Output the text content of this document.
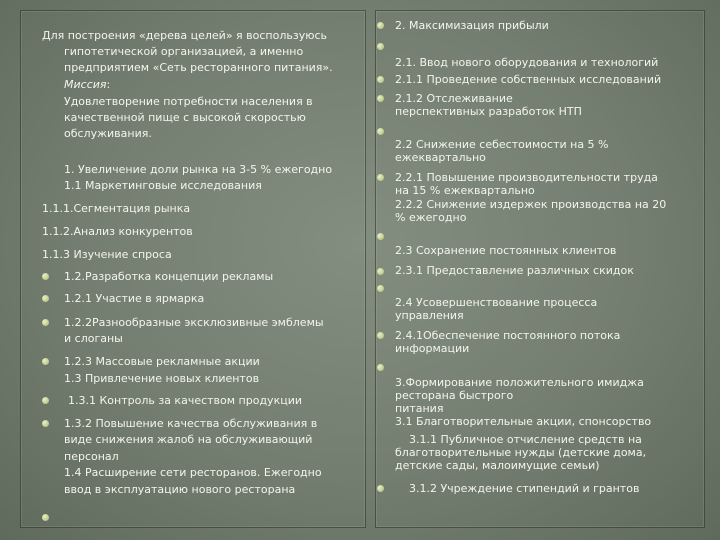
Для построения «дерева целей» я воспользуюсь
гипотетической организацией, а именно
предприятием «Сеть ресторанного питания».
Миссия:
Удовлетворение потребности населения в
качественной пище с высокой скоростью
обслуживания.
1. Увеличение доли рынка на 3-5 % ежегодно
1.1 Маркетинговые исследования
1.1.1.Сегментация рынка
1.1.2.Анализ конкурентов
1.1.3 Изучение спроса
1.2.Разработка концепции рекламы
1.2.1 Участие в ярмарка
1.2.2Разнообразные эксклюзивные эмблемы
и слоганы
1.2.3 Массовые рекламные акции
1.3 Привлечение новых клиентов
1.3.1 Контроль за качеством продукции
1.3.2 Повышение качества обслуживания в
виде снижения жалоб на обслуживающий
персонал
1.4 Расширение сети ресторанов. Ежегодно
ввод в эксплуатацию нового ресторана
2. Максимизация прибыли
2.1. Ввод нового оборудования и технологий
2.1.1 Проведение собственных исследований
2.1.2 Отслеживание
перспективных разработок НТП
2.2 Снижение себестоимости на 5 %
ежеквартально
2.2.1 Повышение производительности труда
на 15 % ежеквартально
2.2.2 Снижение издержек производства на 20
% ежегодно
2.3 Сохранение постоянных клиентов
2.3.1 Предоставление различных скидок
2.4 Усовершенствование процесса
управления
2.4.1Обеспечение постоянного потока
информации
3.Формирование положительного имиджа
ресторана быстрого
питания
3.1 Благотворительные акции, спонсорство
3.1.1 Публичное отчисление средств на
благотворительные нужды (детские дома,
детские сады, малоимущие семьи)
3.1.2 Учреждение стипендий и грантов
